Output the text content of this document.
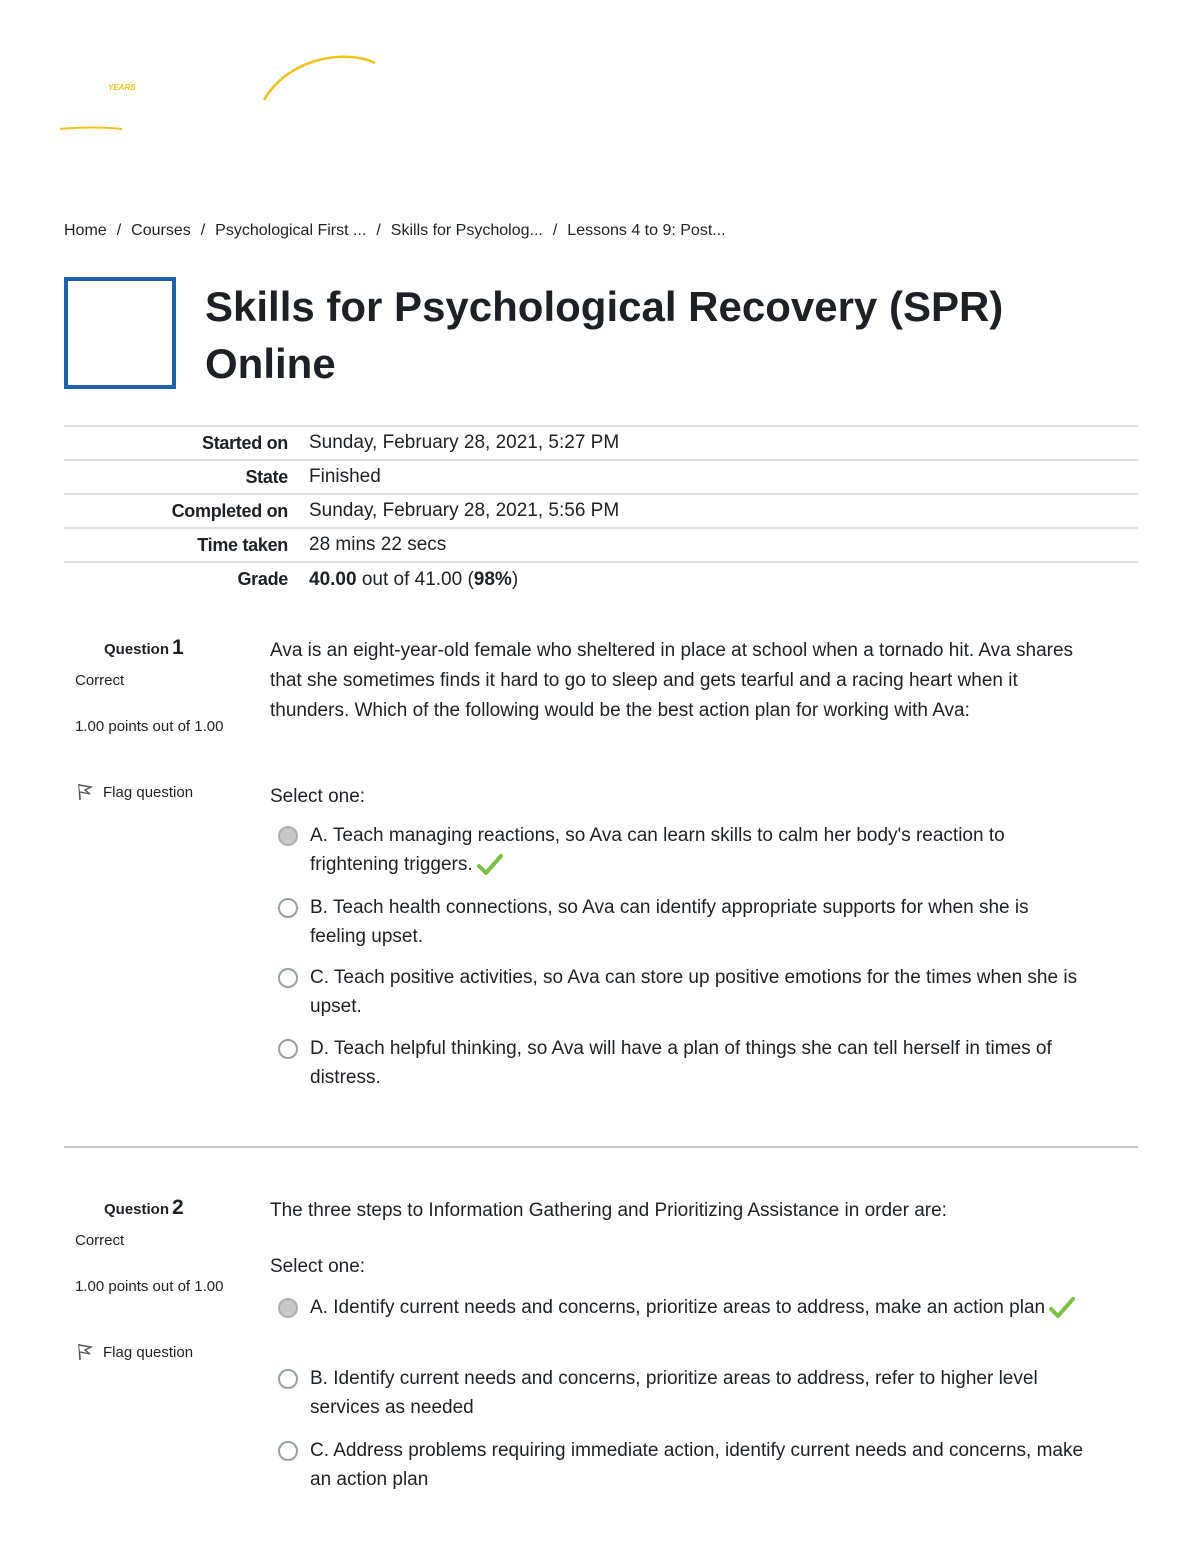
YEARS
Home / Courses / Psychological First ... / Skills for Psycholog... / Lessons 4 to 9: Post...
Skills for Psychological Recovery (SPR) Online
Started on	Sunday, February 28, 2021, 5:27 PM
State	Finished
Completed on	Sunday, February 28, 2021, 5:56 PM
Time taken	28 mins 22 secs
Grade	40.00 out of 41.00 (98%)
Question 1
Correct
1.00 points out of 1.00
Flag question
Ava is an eight-year-old female who sheltered in place at school when a tornado hit. Ava shares that she sometimes finds it hard to go to sleep and gets tearful and a racing heart when it thunders. Which of the following would be the best action plan for working with Ava:
Select one:
A. Teach managing reactions, so Ava can learn skills to calm her body's reaction to frightening triggers.
B. Teach health connections, so Ava can identify appropriate supports for when she is feeling upset.
C. Teach positive activities, so Ava can store up positive emotions for the times when she is upset.
D. Teach helpful thinking, so Ava will have a plan of things she can tell herself in times of distress.
Question 2
Correct
1.00 points out of 1.00
Flag question
The three steps to Information Gathering and Prioritizing Assistance in order are:
Select one:
A. Identify current needs and concerns, prioritize areas to address, make an action plan
B. Identify current needs and concerns, prioritize areas to address, refer to higher level services as needed
C. Address problems requiring immediate action, identify current needs and concerns, make an action plan
